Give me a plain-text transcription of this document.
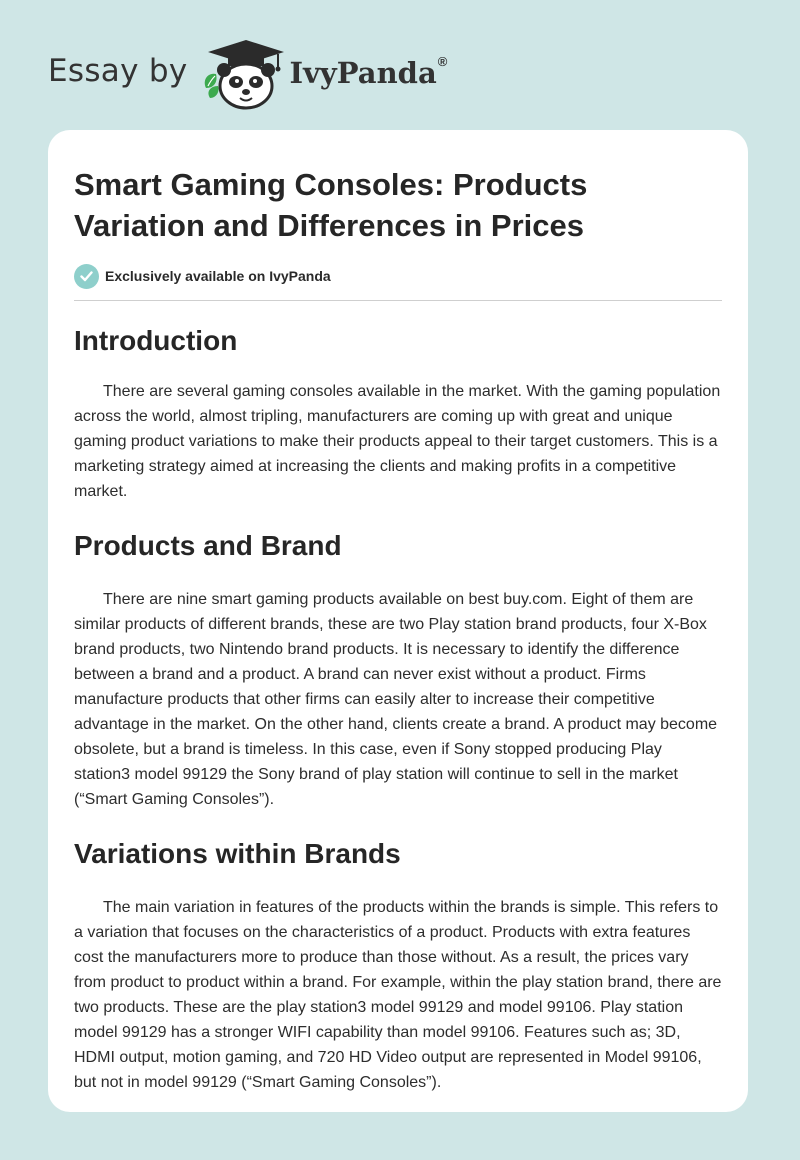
Essay by	IvyPanda®
Smart Gaming Consoles: Products
Variation and Differences in Prices
Exclusively available on IvyPanda
Introduction

There are several gaming consoles available in the market. With the gaming population across the world, almost tripling, manufacturers are coming up with great and unique gaming product variations to make their products appeal to their target customers. This is a marketing strategy aimed at increasing the clients and making profits in a competitive market.

Products and Brand

There are nine smart gaming products available on best buy.com. Eight of them are similar products of different brands, these are two Play station brand products, four X-Box brand products, two Nintendo brand products. It is necessary to identify the difference between a brand and a product. A brand can never exist without a product. Firms manufacture products that other firms can easily alter to increase their competitive advantage in the market. On the other hand, clients create a brand. A product may become obsolete, but a brand is timeless. In this case, even if Sony stopped producing Play station3 model 99129 the Sony brand of play station will continue to sell in the market (“Smart Gaming Consoles”).

Variations within Brands

The main variation in features of the products within the brands is simple. This refers to a variation that focuses on the characteristics of a product. Products with extra features cost the manufacturers more to produce than those without. As a result, the prices vary from product to product within a brand. For example, within the play station brand, there are two products. These are the play station3 model 99129 and model 99106. Play station model 99129 has a stronger WIFI capability than model 99106. Features such as; 3D, HDMI output, motion gaming, and 720 HD Video output are represented in Model 99106, but not in model 99129 (“Smart Gaming Consoles”).
